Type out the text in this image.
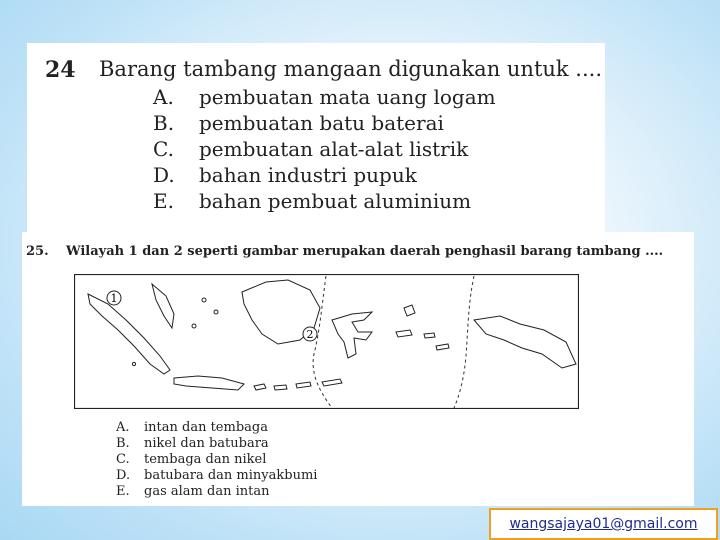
24 Barang tambang mangaan digunakan untuk ....
A. pembuatan mata uang logam
B. pembuatan batu baterai
C. pembuatan alat-alat listrik
D. bahan industri pupuk
E. bahan pembuat aluminium
25. Wilayah 1 dan 2 seperti gambar merupakan daerah penghasil barang tambang ....
1
2
A. intan dan tembaga
B. nikel dan batubara
C. tembaga dan nikel
D. batubara dan minyakbumi
E. gas alam dan intan
wangsajaya01@gmail.com
